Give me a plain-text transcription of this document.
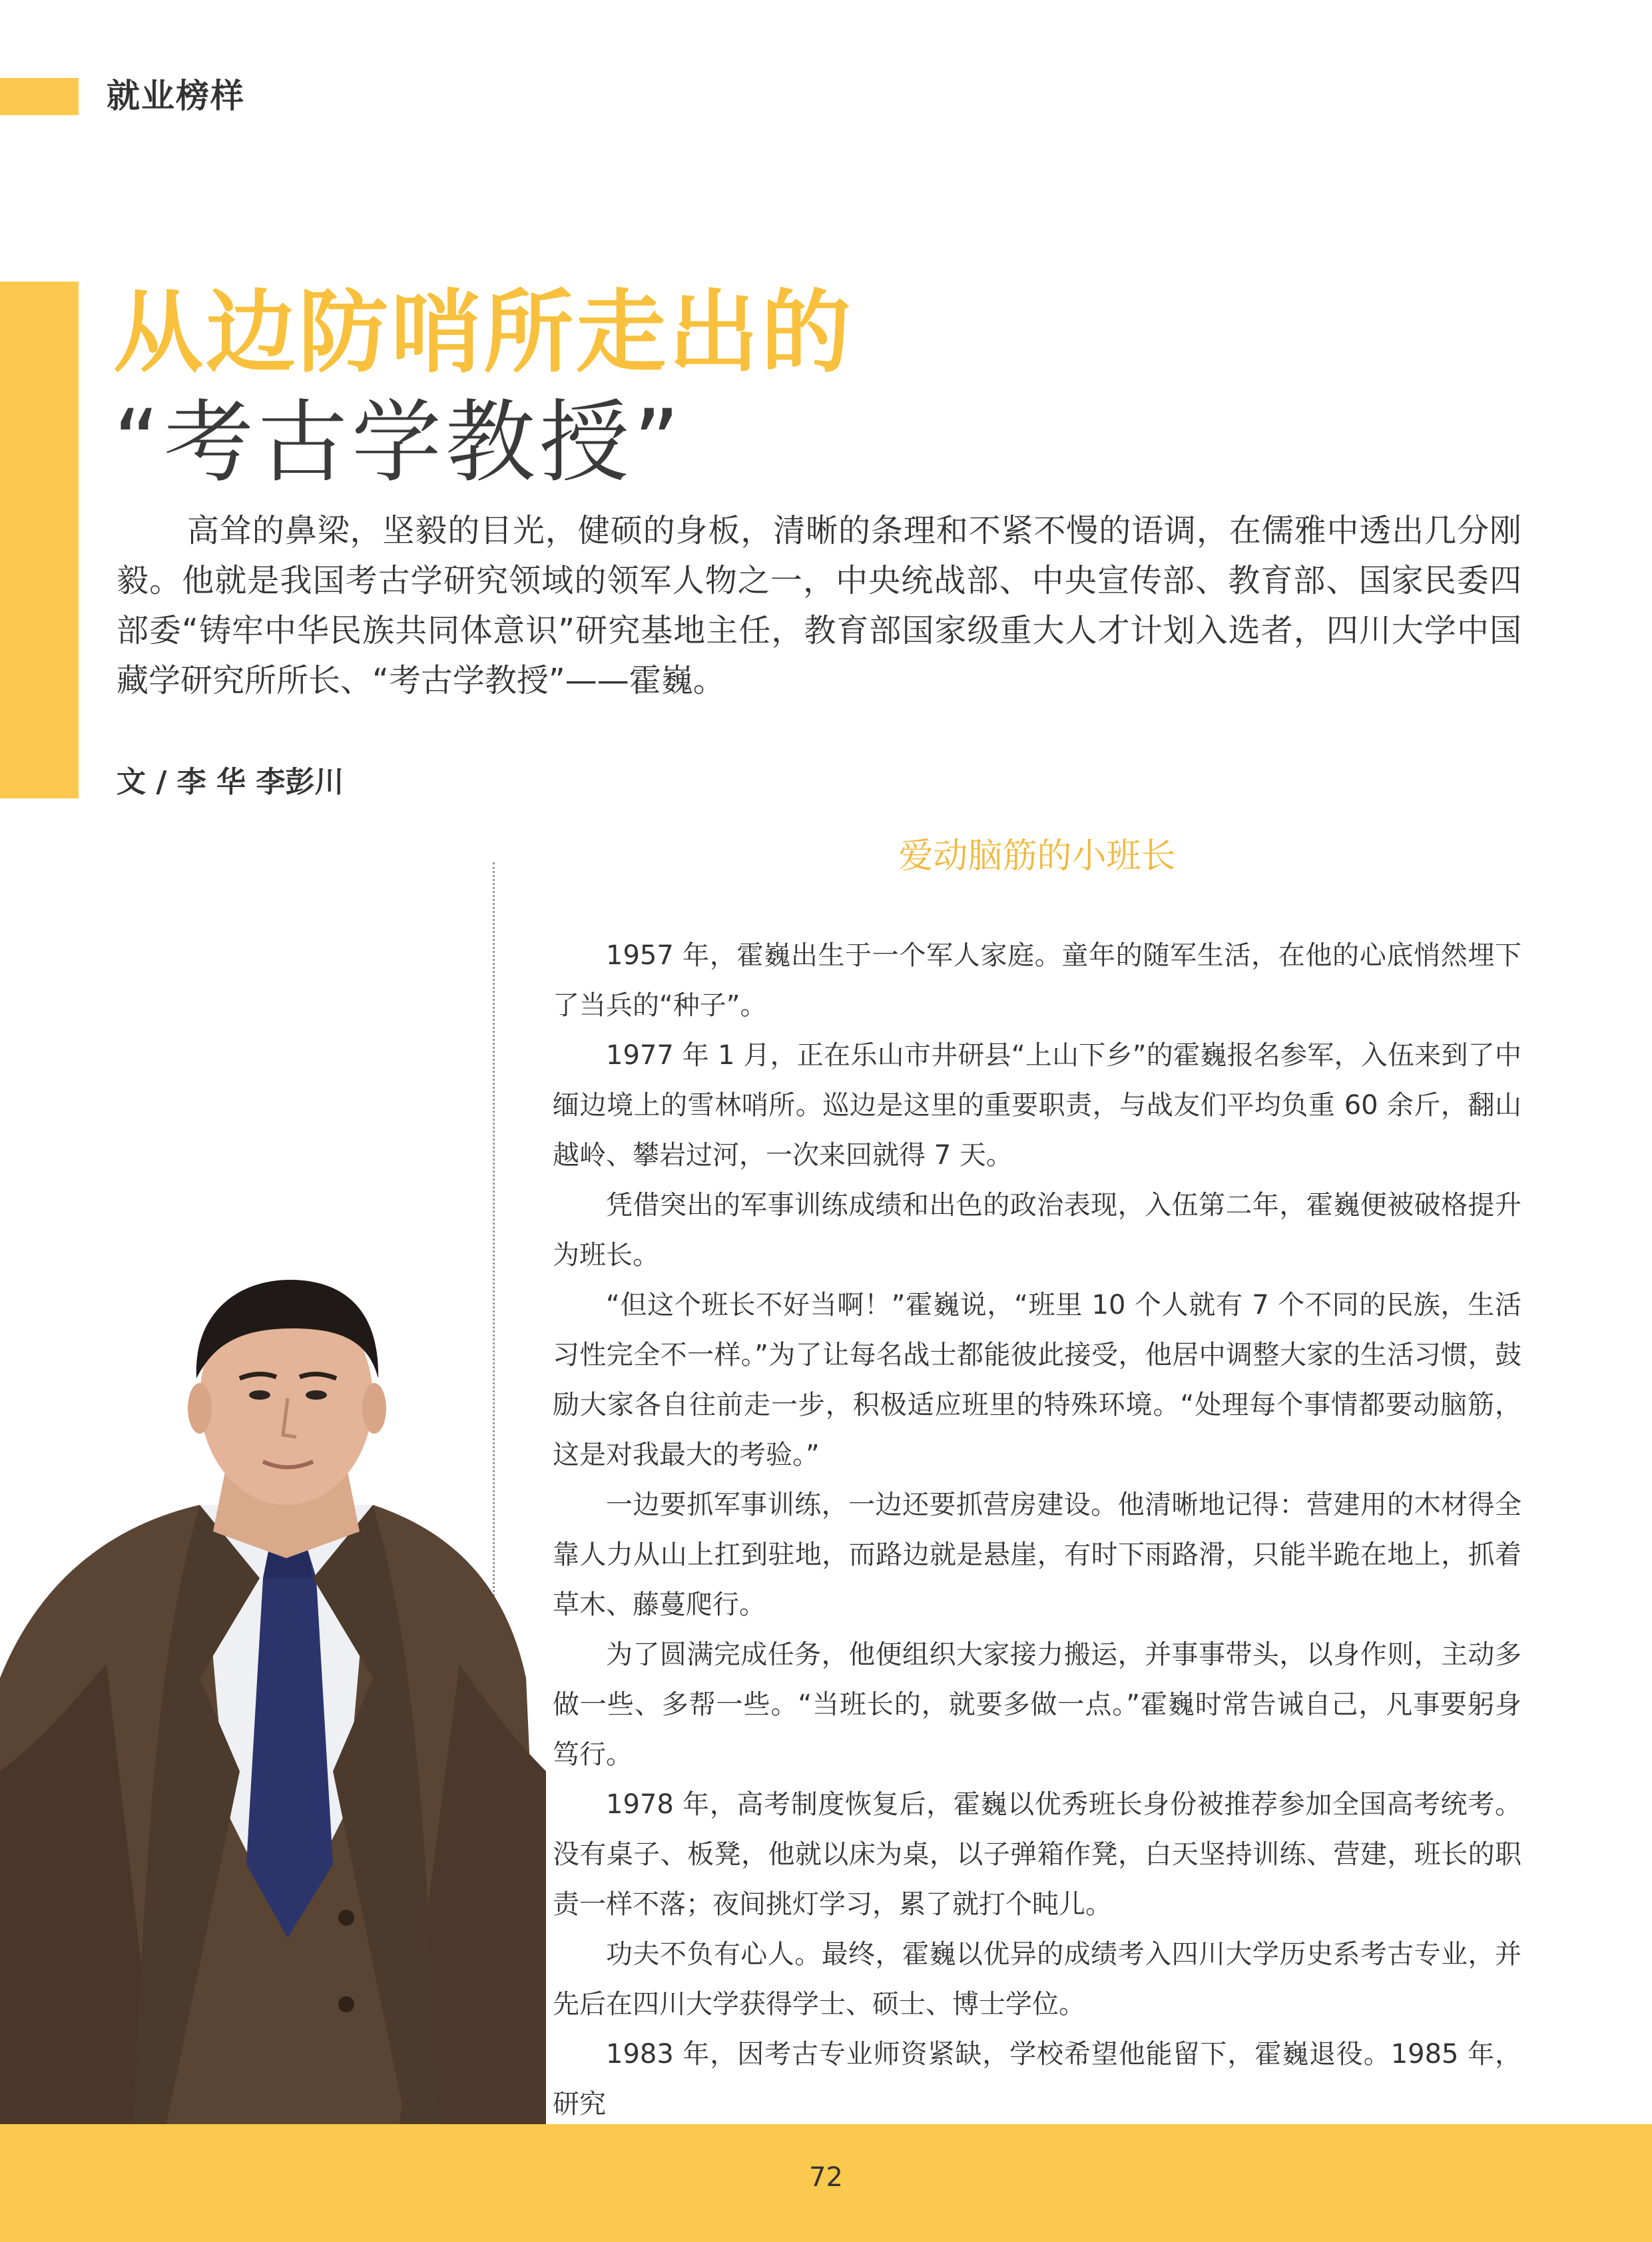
就业榜样
从边防哨所走出的
“考古学教授”
高耸的鼻梁，坚毅的目光，健硕的身板，清晰的条理和不紧不慢的语调，在儒雅中透出几分刚毅。他就是我国考古学研究领域的领军人物之一，中央统战部、中央宣传部、教育部、国家民委四部委“铸牢中华民族共同体意识”研究基地主任，教育部国家级重大人才计划入选者，四川大学中国藏学研究所所长、“考古学教授”——霍巍。
文 / 李 华 李彭川
爱动脑筋的小班长

1957 年，霍巍出生于一个军人家庭。童年的随军生活，在他的心底悄然埋下了当兵的“种子”。

1977 年 1 月，正在乐山市井研县“上山下乡”的霍巍报名参军，入伍来到了中缅边境上的雪林哨所。巡边是这里的重要职责，与战友们平均负重 60 余斤，翻山越岭、攀岩过河，一次来回就得 7 天。

凭借突出的军事训练成绩和出色的政治表现，入伍第二年，霍巍便被破格提升为班长。

“但这个班长不好当啊！”霍巍说，“班里 10 个人就有 7 个不同的民族，生活习性完全不一样。”为了让每名战士都能彼此接受，他居中调整大家的生活习惯，鼓励大家各自往前走一步，积极适应班里的特殊环境。“处理每个事情都要动脑筋，这是对我最大的考验。”

一边要抓军事训练，一边还要抓营房建设。他清晰地记得：营建用的木材得全靠人力从山上扛到驻地，而路边就是悬崖，有时下雨路滑，只能半跪在地上，抓着草木、藤蔓爬行。

为了圆满完成任务，他便组织大家接力搬运，并事事带头，以身作则，主动多做一些、多帮一些。“当班长的，就要多做一点。”霍巍时常告诫自己，凡事要躬身笃行。

1978 年，高考制度恢复后，霍巍以优秀班长身份被推荐参加全国高考统考。没有桌子、板凳，他就以床为桌，以子弹箱作凳，白天坚持训练、营建，班长的职责一样不落；夜间挑灯学习，累了就打个盹儿。

功夫不负有心人。最终，霍巍以优异的成绩考入四川大学历史系考古专业，并先后在四川大学获得学士、硕士、博士学位。

1983 年，因考古专业师资紧缺，学校希望他能留下，霍巍退役。1985 年，研究

72
